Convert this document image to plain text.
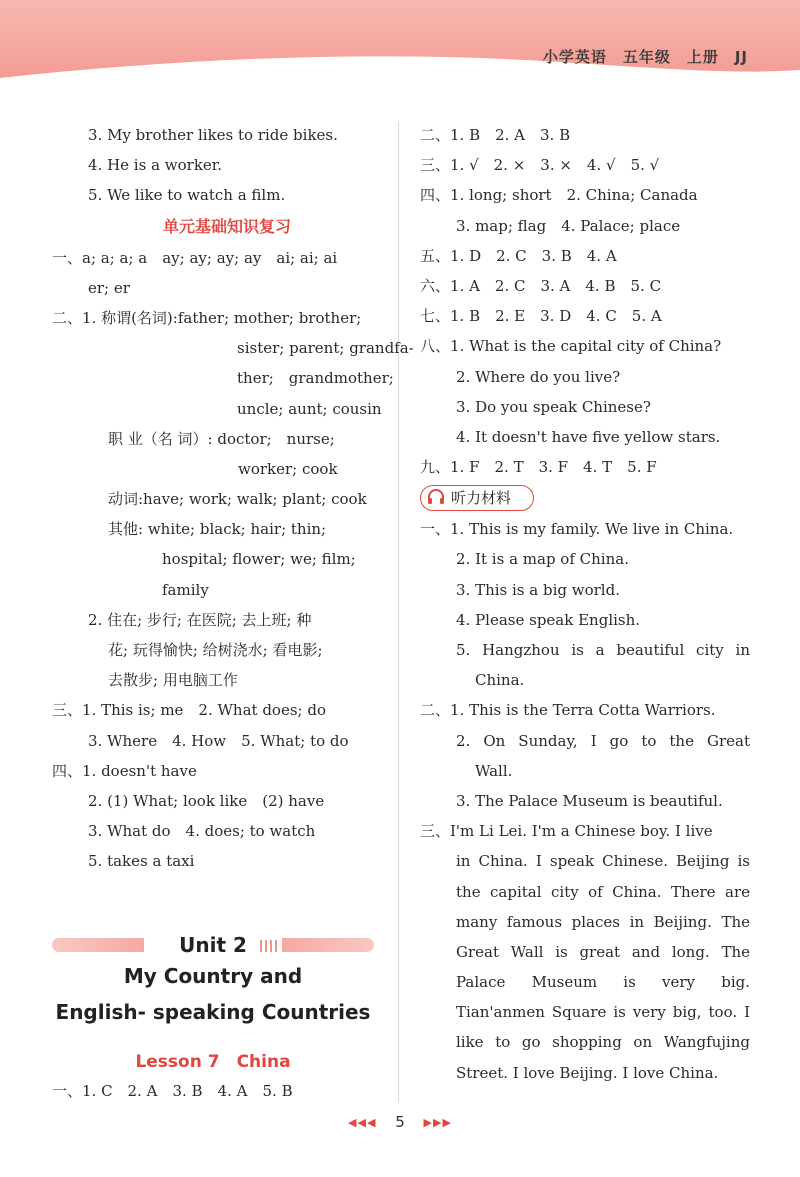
小学英语　五年级　上册　JJ
3. My brother likes to ride bikes.
4. He is a worker.
5. We like to watch a film.
单元基础知识复习
一、a; a; a; a　ay; ay; ay; ay　ai; ai; ai
er; er
二、1. 称谓(名词):father; mother; brother;
sister; parent; grandfa-
ther;　grandmother;
uncle; aunt; cousin
职 业（名 词）: doctor;　nurse;
worker; cook
动词:have; work; walk; plant; cook
其他: white; black; hair; thin;
hospital; flower; we; film;
family
2. 住在; 步行; 在医院; 去上班; 种
花; 玩得愉快; 给树浇水; 看电影;
去散步; 用电脑工作
三、1. This is; me　2. What does; do
3. Where　4. How　5. What; to do
四、1. doesn't have
2. (1) What; look like　(2) have
3. What do　4. does; to watch
5. takes a taxi
Unit 2
My Country and
English- speaking Countries
Lesson 7　China
一、1. C　2. A　3. B　4. A　5. B
二、1. B　2. A　3. B
三、1. √　2. ×　3. ×　4. √　5. √
四、1. long; short　2. China; Canada
3. map; flag　4. Palace; place
五、1. D　2. C　3. B　4. A
六、1. A　2. C　3. A　4. B　5. C
七、1. B　2. E　3. D　4. C　5. A
八、1. What is the capital city of China?
2. Where do you live?
3. Do you speak Chinese?
4. It doesn't have five yellow stars.
九、1. F　2. T　3. F　4. T　5. F
听力材料
一、1. This is my family. We live in China.
2. It is a map of China.
3. This is a big world.
4. Please speak English.
5. Hangzhou is a beautiful city in
China.
二、1. This is the Terra Cotta Warriors.
2. On Sunday, I go to the Great
Wall.
3. The Palace Museum is beautiful.
三、I'm Li Lei. I'm a Chinese boy. I live
in China. I speak Chinese. Beijing is
the capital city of China. There are
many famous places in Beijing. The
Great Wall is great and long. The
Palace Museum is very big.
Tian'anmen Square is very big, too. I
like to go shopping on Wangfujing
Street. I love Beijing. I love China.
◀◀◀ 5 ▶▶▶
